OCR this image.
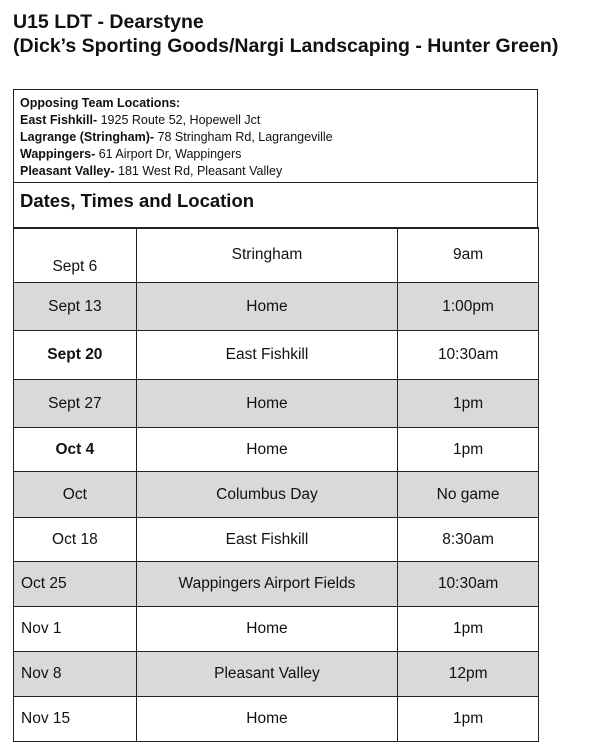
U15 LDT - Dearstyne
(Dick’s Sporting Goods/Nargi Landscaping - Hunter Green)
Opposing Team Locations:
East Fishkill- 1925 Route 52, Hopewell Jct
Lagrange (Stringham)- 78 Stringham Rd, Lagrangeville
Wappingers- 61 Airport Dr, Wappingers
Pleasant Valley- 181 West Rd, Pleasant Valley
Dates, Times and Location
Sept 6	Stringham	9am
Sept 13	Home	1:00pm
Sept 20	East Fishkill	10:30am
Sept 27	Home	1pm
Oct 4	Home	1pm
Oct	Columbus Day	No game
Oct 18	East Fishkill	8:30am
Oct 25	Wappingers Airport Fields	10:30am
Nov 1	Home	1pm
Nov 8	Pleasant Valley	12pm
Nov 15	Home	1pm
